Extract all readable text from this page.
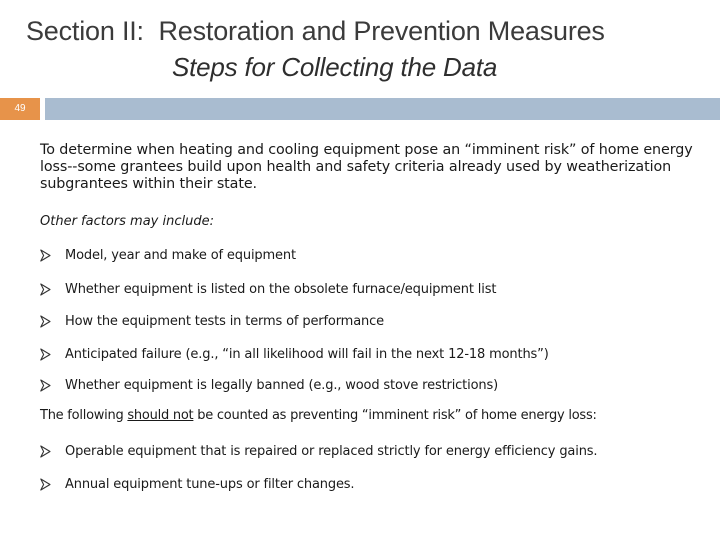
Section II: Restoration and Prevention Measures
Steps for Collecting the Data
49
To determine when heating and cooling equipment pose an “imminent risk” of home energy loss--some grantees build upon health and safety criteria already used by weatherization subgrantees within their state.
Other factors may include:
Model, year and make of equipment
Whether equipment is listed on the obsolete furnace/equipment list
How the equipment tests in terms of performance
Anticipated failure (e.g., “in all likelihood will fail in the next 12-18 months”)
Whether equipment is legally banned (e.g., wood stove restrictions)
The following should not be counted as preventing “imminent risk” of home energy loss:
Operable equipment that is repaired or replaced strictly for energy efficiency gains.
Annual equipment tune-ups or filter changes.
